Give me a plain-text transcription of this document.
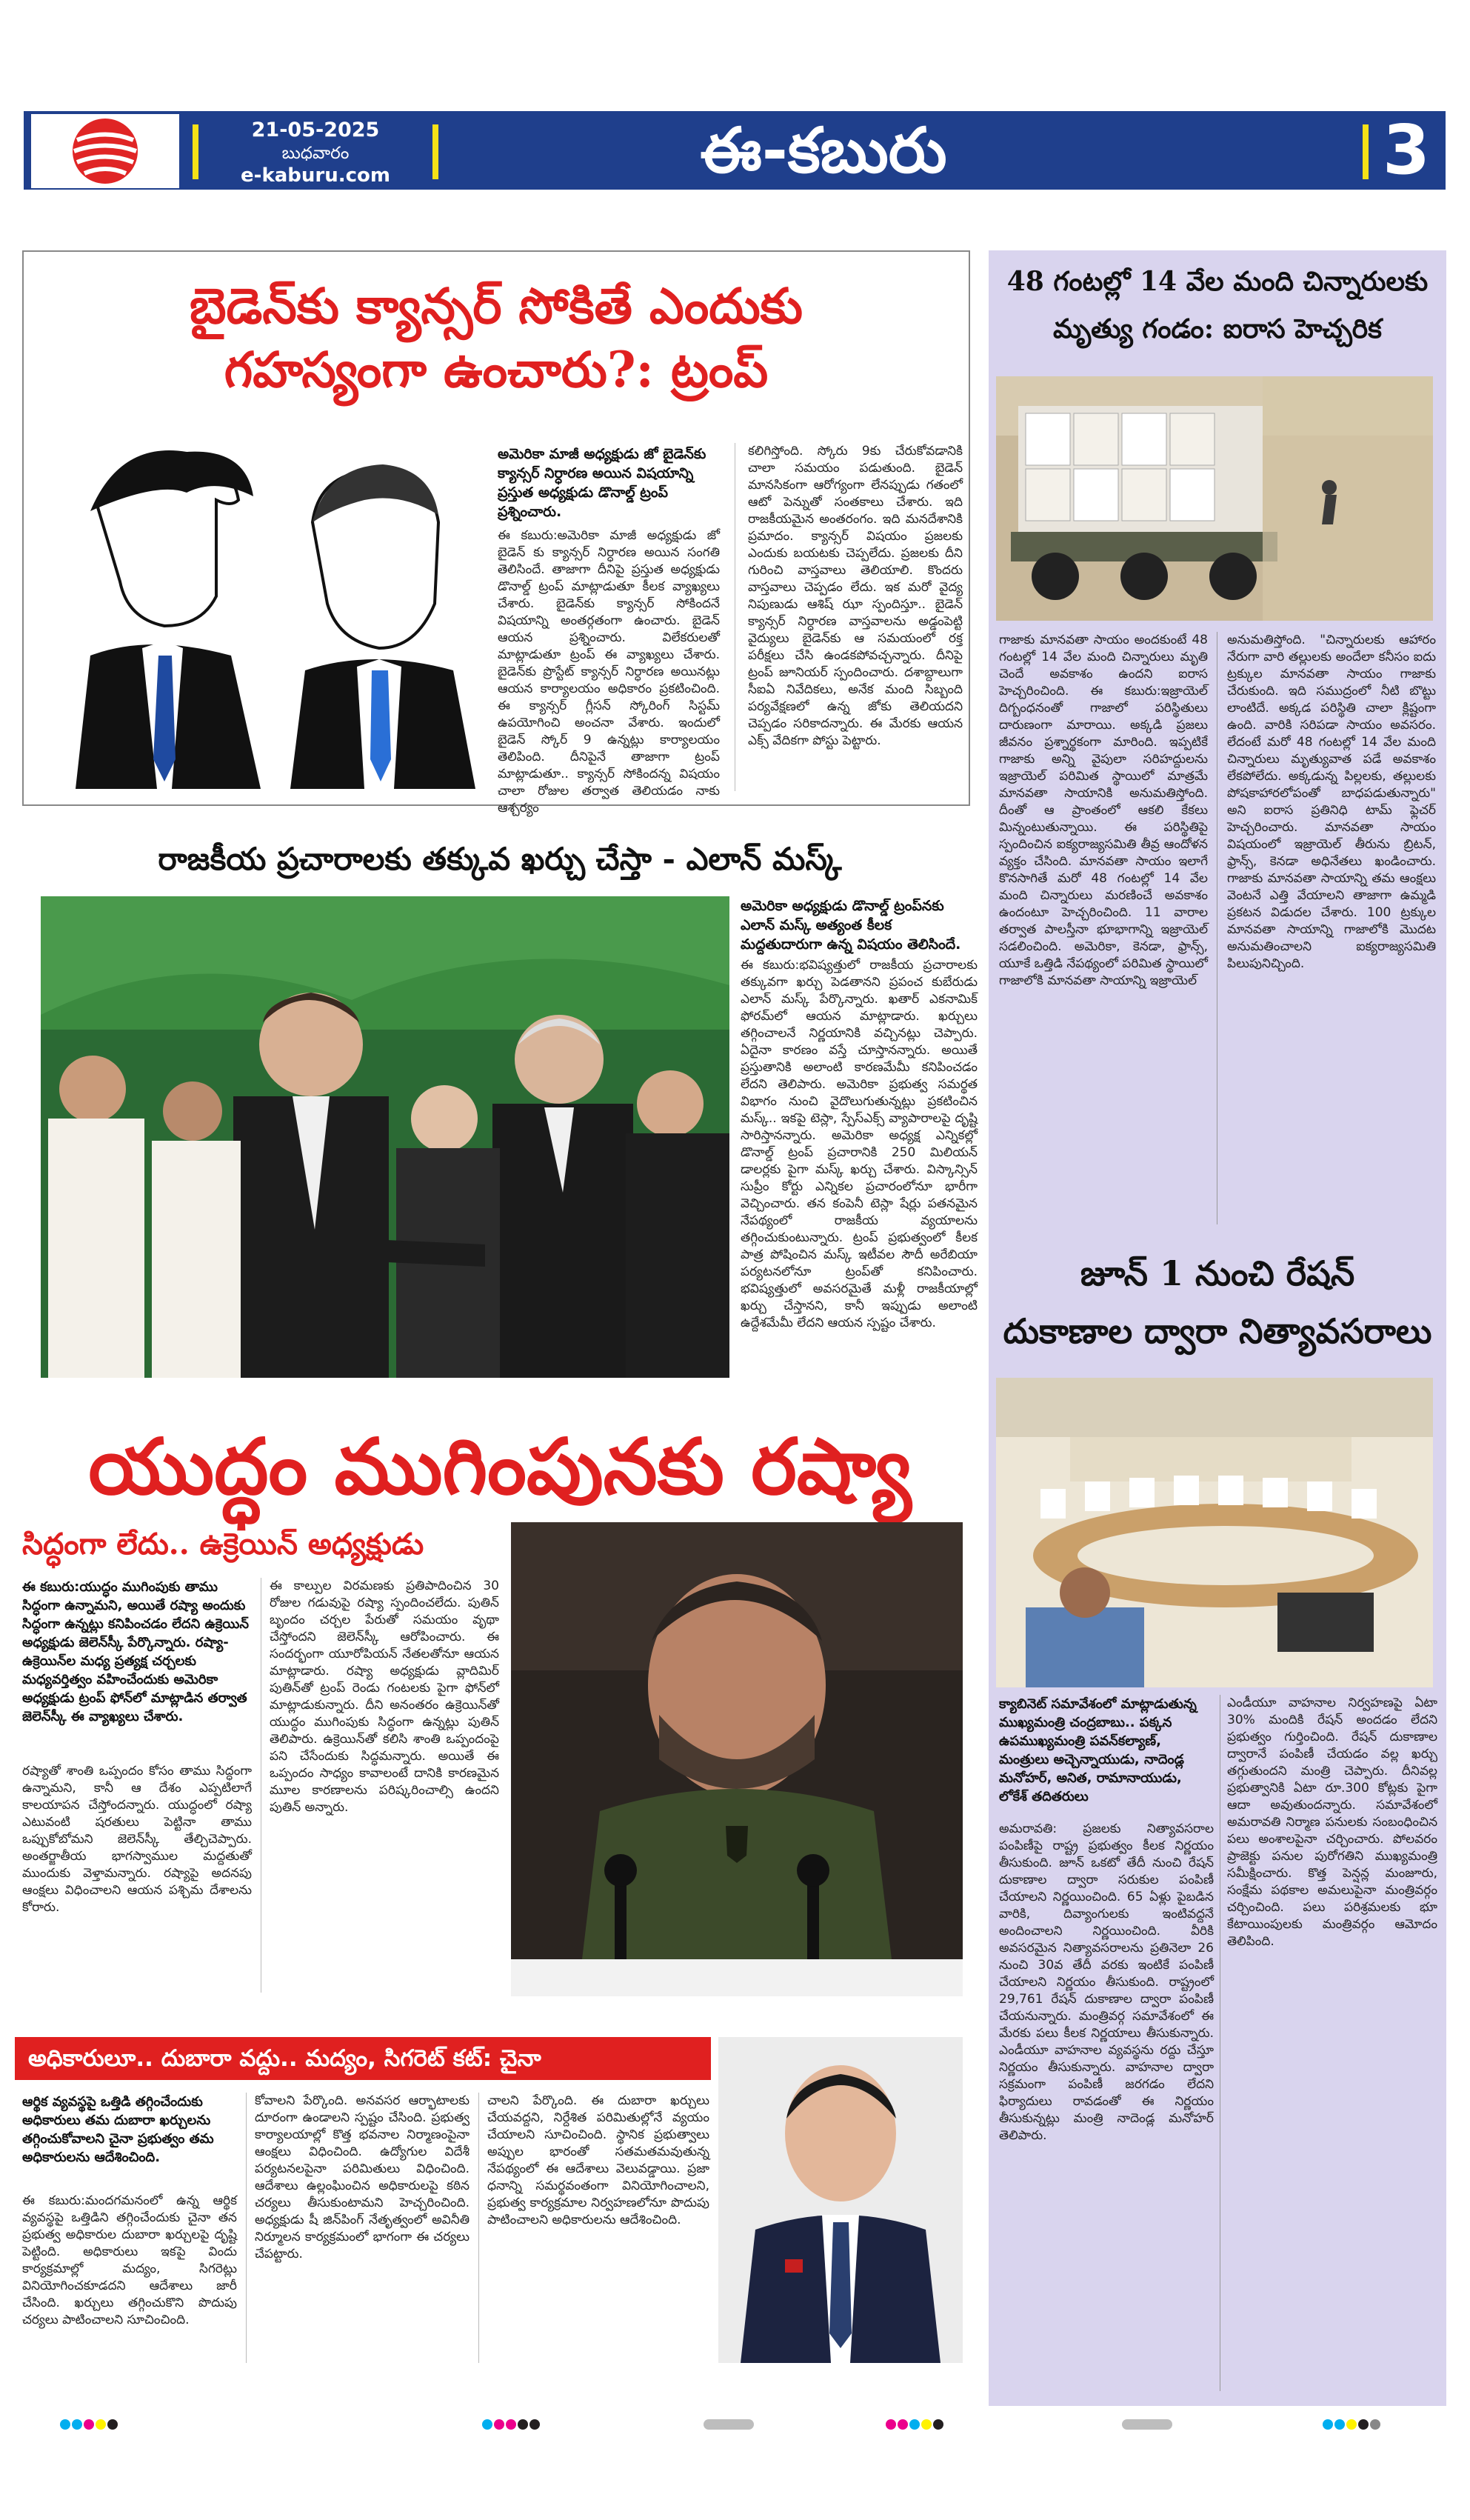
21-05-2025
బుధవారం
e-kaburu.com	ఈ-కబురు	3
బైడెన్‌కు క్యాన్సర్ సోకితే ఎందుకు
గహస్యంగా ఉంచారు?: ట్రంప్
అమెరికా మాజీ అధ్యక్షుడు జో బైడెన్‌కు క్యాన్సర్ నిర్ధారణ అయిన విషయాన్ని ప్రస్తుత అధ్యక్షుడు డొనాల్డ్ ట్రంప్ ప్రశ్నించారు.
ఈ కబురు:అమెరికా మాజీ అధ్యక్షుడు జో బైడెన్ కు క్యాన్సర్ నిర్ధారణ అయిన సంగతి తెలిసిందే. తాజాగా దీనిపై ప్రస్తుత అధ్యక్షుడు డొనాల్డ్ ట్రంప్ మాట్లాడుతూ కీలక వ్యాఖ్యలు చేశారు. బైడెన్‌కు క్యాన్సర్ సోకిందనే విషయాన్ని అంతర్గతంగా ఉంచారు. బైడెన్ ఆయన ప్రశ్నించారు. విలేకరులతో మాట్లాడుతూ ట్రంప్ ఈ వ్యాఖ్యలు చేశారు. బైడెన్‌కు ప్రొస్టేట్ క్యాన్సర్ నిర్ధారణ అయినట్లు ఆయన కార్యాలయం అధికారం ప్రకటించింది. ఈ క్యాన్సర్ గ్లీసన్ స్కోరింగ్ సిస్టమ్ ఉపయోగించి అంచనా వేశారు. ఇందులో బైడెన్ స్కోర్ 9 ఉన్నట్లు కార్యాలయం తెలిపింది. దీనిపైనే తాజాగా ట్రంప్ మాట్లాడుతూ.. క్యాన్సర్ సోకిందన్న విషయం చాలా రోజుల తర్వాత తెలియడం నాకు ఆశ్చర్యం
కలిగిస్తోంది. స్కోరు 9కు చేరుకోవడానికి చాలా సమయం పడుతుంది. బైడెన్ మానసికంగా ఆరోగ్యంగా లేనప్పుడు గతంలో ఆటో పెన్నుతో సంతకాలు చేశారు. ఇది రాజకీయమైన అంతరంగం. ఇది మనదేశానికి ప్రమాదం. క్యాన్సర్ విషయం ప్రజలకు ఎందుకు బయటకు చెప్పలేదు. ప్రజలకు దీని గురించి వాస్తవాలు తెలియాలి. కొందరు వాస్తవాలు చెప్పడం లేదు. ఇక మరో వైద్య నిపుణుడు ఆశిష్ ఝా స్పందిస్తూ.. బైడెన్ క్యాన్సర్ నిర్ధారణ వాస్తవాలను అడ్డంపెట్టి వైద్యులు బైడెన్‌కు ఆ సమయంలో రక్త పరీక్షలు చేసి ఉండకపోవచ్చన్నారు. దీనిపై ట్రంప్ జూనియర్ స్పందించారు. దశాబ్దాలుగా సీఐఏ నివేదికలు, అనేక మంది సిబ్బంది పర్యవేక్షణలో ఉన్న జోకు తెలియదని చెప్పడం సరికాదన్నారు. ఈ మేరకు ఆయన ఎక్స్ వేదికగా పోస్టు పెట్టారు.
48 గంటల్లో 14 వేల మంది చిన్నారులకు
మృత్యు గండం: ఐరాస హెచ్చరిక
గాజాకు మానవతా సాయం అందకుంటే 48 గంటల్లో 14 వేల మంది చిన్నారులు మృతి చెందే అవకాశం ఉందని ఐరాస హెచ్చరించింది. ఈ కబురు:ఇజ్రాయెల్ దిగ్బంధనంతో గాజాలో పరిస్థితులు దారుణంగా మారాయి. అక్కడి ప్రజలు జీవనం ప్రశ్నార్థకంగా మారింది. ఇప్పటికే గాజాకు అన్ని వైపులా సరిహద్దులను ఇజ్రాయెల్ పరిమిత స్థాయిలో మాత్రమే మానవతా సాయానికి అనుమతిస్తోంది. దీంతో ఆ ప్రాంతంలో ఆకలి కేకలు మిన్నంటుతున్నాయి. ఈ పరిస్థితిపై స్పందించిన ఐక్యరాజ్యసమితి తీవ్ర ఆందోళన వ్యక్తం చేసింది. మానవతా సాయం ఇలాగే కొనసాగితే మరో 48 గంటల్లో 14 వేల మంది చిన్నారులు మరణించే అవకాశం ఉందంటూ హెచ్చరించింది. 11 వారాల తర్వాత పాలస్తీనా భూభాగాన్ని ఇజ్రాయెల్ సడలించింది. అమెరికా, కెనడా, ఫ్రాన్స్, యూకే ఒత్తిడి నేపథ్యంలో పరిమిత స్థాయిలో గాజాలోకి మానవతా సాయాన్ని ఇజ్రాయెల్
అనుమతిస్తోంది. "చిన్నారులకు ఆహారం నేరుగా వారి తల్లులకు అందేలా కనీసం ఐదు ట్రక్కుల మానవతా సాయం గాజాకు చేరుకుంది. ఇది సముద్రంలో నీటి బొట్టు లాంటిదే. అక్కడ పరిస్థితి చాలా క్లిష్టంగా ఉంది. వారికి సరిపడా సాయం అవసరం. లేదంటే మరో 48 గంటల్లో 14 వేల మంది చిన్నారులు మృత్యువాత పడే అవకాశం లేకపోలేదు. అక్కడున్న పిల్లలకు, తల్లులకు పోషకాహారలోపంతో బాధపడుతున్నారు" అని ఐరాస ప్రతినిధి టామ్ ఫ్లెచర్ హెచ్చరించారు. మానవతా సాయం విషయంలో ఇజ్రాయెల్ తీరును బ్రిటన్, ఫ్రాన్స్, కెనడా అధినేతలు ఖండించారు. గాజాకు మానవతా సాయాన్ని తమ ఆంక్షలు వెంటనే ఎత్తి వేయాలని తాజాగా ఉమ్మడి ప్రకటన విడుదల చేశారు. 100 ట్రక్కుల మానవతా సాయాన్ని గాజాలోకి మొదట అనుమతించాలని ఐక్యరాజ్యసమితి పిలుపునిచ్చింది.
రాజకీయ ప్రచారాలకు తక్కువ ఖర్చు చేస్తా - ఎలాన్ మస్క్
అమెరికా అధ్యక్షుడు డొనాల్డ్ ట్రంప్‌నకు ఎలాన్ మస్క్ అత్యంత కీలక మద్దతుదారుగా ఉన్న విషయం తెలిసిందే.
ఈ కబురు:భవిష్యత్తులో రాజకీయ ప్రచారాలకు తక్కువగా ఖర్చు పెడతానని ప్రపంచ కుబేరుడు ఎలాన్ మస్క్ పేర్కొన్నారు. ఖతార్ ఎకనామిక్ ఫోరమ్‌లో ఆయన మాట్లాడారు. ఖర్చులు తగ్గించాలనే నిర్ణయానికి వచ్చినట్లు చెప్పారు. ఏదైనా కారణం వస్తే చూస్తానన్నారు. అయితే ప్రస్తుతానికి అలాంటి కారణమేమీ కనిపించడం లేదని తెలిపారు. అమెరికా ప్రభుత్వ సమర్థత విభాగం నుంచి వైదొలుగుతున్నట్లు ప్రకటించిన మస్క్.. ఇకపై టెస్లా, స్పేస్‌ఎక్స్ వ్యాపారాలపై దృష్టి సారిస్తానన్నారు. అమెరికా అధ్యక్ష ఎన్నికల్లో డొనాల్డ్ ట్రంప్ ప్రచారానికి 250 మిలియన్ డాలర్లకు పైగా మస్క్ ఖర్చు చేశారు. విస్కాన్సిన్ సుప్రీం కోర్టు ఎన్నికల ప్రచారంలోనూ భారీగా వెచ్చించారు. తన కంపెనీ టెస్లా షేర్లు పతనమైన నేపథ్యంలో రాజకీయ వ్యయాలను తగ్గించుకుంటున్నారు. ట్రంప్ ప్రభుత్వంలో కీలక పాత్ర పోషించిన మస్క్ ఇటీవల సౌదీ అరేబియా పర్యటనలోనూ ట్రంప్‌తో కనిపించారు. భవిష్యత్తులో అవసరమైతే మళ్లీ రాజకీయాల్లో ఖర్చు చేస్తానని, కానీ ఇప్పుడు అలాంటి ఉద్దేశమేమీ లేదని ఆయన స్పష్టం చేశారు.
జూన్ 1 నుంచి రేషన్
దుకాణాల ద్వారా నిత్యావసరాలు
క్యాబినెట్ సమావేశంలో మాట్లాడుతున్న ముఖ్యమంత్రి చంద్రబాబు.. పక్కన ఉపముఖ్యమంత్రి పవన్‌కల్యాణ్, మంత్రులు అచ్చెన్నాయుడు, నాదెండ్ల మనోహర్, అనిత, రామానాయుడు, లోకేశ్ తదితరులు
అమరావతి: ప్రజలకు నిత్యావసరాల పంపిణీపై రాష్ట్ర ప్రభుత్వం కీలక నిర్ణయం తీసుకుంది. జూన్ ఒకటో తేదీ నుంచి రేషన్ దుకాణాల ద్వారా సరుకుల పంపిణీ చేయాలని నిర్ణయించింది. 65 ఏళ్లు పైబడిన వారికి, దివ్యాంగులకు ఇంటివద్దనే అందించాలని నిర్ణయించింది. వీరికి అవసరమైన నిత్యావసరాలను ప్రతినెలా 26 నుంచి 30వ తేదీ వరకు ఇంటికే పంపిణీ చేయాలని నిర్ణయం తీసుకుంది. రాష్ట్రంలో 29,761 రేషన్ దుకాణాల ద్వారా పంపిణీ చేయనున్నారు. మంత్రివర్గ సమావేశంలో ఈ మేరకు పలు కీలక నిర్ణయాలు తీసుకున్నారు. ఎండీయూ వాహనాల వ్యవస్థను రద్దు చేస్తూ నిర్ణయం తీసుకున్నారు. వాహనాల ద్వారా సక్రమంగా పంపిణీ జరగడం లేదని ఫిర్యాదులు రావడంతో ఈ నిర్ణయం తీసుకున్నట్లు మంత్రి నాదెండ్ల మనోహర్ తెలిపారు.
ఎండీయూ వాహనాల నిర్వహణపై ఏటా 30% మందికి రేషన్ అందడం లేదని ప్రభుత్వం గుర్తించింది. రేషన్ దుకాణాల ద్వారానే పంపిణీ చేయడం వల్ల ఖర్చు తగ్గుతుందని మంత్రి చెప్పారు. దీనివల్ల ప్రభుత్వానికి ఏటా రూ.300 కోట్లకు పైగా ఆదా అవుతుందన్నారు. సమావేశంలో అమరావతి నిర్మాణ పనులకు సంబంధించిన పలు అంశాలపైనా చర్చించారు. పోలవరం ప్రాజెక్టు పనుల పురోగతిని ముఖ్యమంత్రి సమీక్షించారు. కొత్త పెన్షన్ల మంజూరు, సంక్షేమ పథకాల అమలుపైనా మంత్రివర్గం చర్చించింది. పలు పరిశ్రమలకు భూ కేటాయింపులకు మంత్రివర్గం ఆమోదం తెలిపింది.
యుద్ధం ముగింపునకు రష్యా
సిద్ధంగా లేదు.. ఉక్రెయిన్ అధ్యక్షుడు
ఈ కబురు:యుద్ధం ముగింపుకు తాము సిద్ధంగా ఉన్నామని, అయితే రష్యా అందుకు సిద్ధంగా ఉన్నట్లు కనిపించడం లేదని ఉక్రెయిన్ అధ్యక్షుడు జెలెన్‌స్కీ పేర్కొన్నారు. రష్యా- ఉక్రెయిన్‌ల మధ్య ప్రత్యక్ష చర్చలకు మధ్యవర్తిత్వం వహించేందుకు అమెరికా అధ్యక్షుడు ట్రంప్ ఫోన్‌లో మాట్లాడిన తర్వాత జెలెన్‌స్కీ ఈ వ్యాఖ్యలు చేశారు.
రష్యాతో శాంతి ఒప్పందం కోసం తాము సిద్ధంగా ఉన్నామని, కానీ ఆ దేశం ఎప్పటిలాగే కాలయాపన చేస్తోందన్నారు. యుద్ధంలో రష్యా ఎటువంటి షరతులు పెట్టినా తాము ఒప్పుకోబోమని జెలెన్‌స్కీ తేల్చిచెప్పారు. అంతర్జాతీయ భాగస్వాముల మద్దతుతో ముందుకు వెళ్తామన్నారు. రష్యాపై అదనపు ఆంక్షలు విధించాలని ఆయన పశ్చిమ దేశాలను కోరారు.
ఈ కాల్పుల విరమణకు ప్రతిపాదించిన 30 రోజుల గడువుపై రష్యా స్పందించలేదు. పుతిన్ బృందం చర్చల పేరుతో సమయం వృథా చేస్తోందని జెలెన్‌స్కీ ఆరోపించారు. ఈ సందర్భంగా యూరోపియన్ నేతలతోనూ ఆయన మాట్లాడారు. రష్యా అధ్యక్షుడు వ్లాదిమిర్ పుతిన్‌తో ట్రంప్ రెండు గంటలకు పైగా ఫోన్‌లో మాట్లాడుకున్నారు. దీని అనంతరం ఉక్రెయిన్‌తో యుద్ధం ముగింపుకు సిద్ధంగా ఉన్నట్లు పుతిన్ తెలిపారు. ఉక్రెయిన్‌తో కలిసి శాంతి ఒప్పందంపై పని చేసేందుకు సిద్ధమన్నారు. అయితే ఈ ఒప్పందం సాధ్యం కావాలంటే దానికి కారణమైన మూల కారణాలను పరిష్కరించాల్సి ఉందని పుతిన్ అన్నారు.
అధికారులూ.. దుబారా వద్దు.. మద్యం, సిగరెట్ కట్: చైనా
ఆర్థిక వ్యవస్థపై ఒత్తిడి తగ్గించేందుకు అధికారులు తమ దుబారా ఖర్చులను తగ్గించుకోవాలని చైనా ప్రభుత్వం తమ అధికారులను ఆదేశించింది.
ఈ కబురు:మందగమనంలో ఉన్న ఆర్థిక వ్యవస్థపై ఒత్తిడిని తగ్గించేందుకు చైనా తన ప్రభుత్వ అధికారుల దుబారా ఖర్చులపై దృష్టి పెట్టింది. అధికారులు ఇకపై విందు కార్యక్రమాల్లో మద్యం, సిగరెట్లు వినియోగించకూడదని ఆదేశాలు జారీ చేసింది. ఖర్చులు తగ్గించుకొని పొదుపు చర్యలు పాటించాలని సూచించింది.
కోవాలని పేర్కొంది. అనవసర ఆర్భాటాలకు దూరంగా ఉండాలని స్పష్టం చేసింది. ప్రభుత్వ కార్యాలయాల్లో కొత్త భవనాల నిర్మాణంపైనా ఆంక్షలు విధించింది. ఉద్యోగుల విదేశీ పర్యటనలపైనా పరిమితులు విధించింది. ఆదేశాలు ఉల్లంఘించిన అధికారులపై కఠిన చర్యలు తీసుకుంటామని హెచ్చరించింది. అధ్యక్షుడు షీ జిన్‌పింగ్ నేతృత్వంలో అవినీతి నిర్మూలన కార్యక్రమంలో భాగంగా ఈ చర్యలు చేపట్టారు.
చాలని పేర్కొంది. ఈ దుబారా ఖర్చులు చేయవద్దని, నిర్దేశిత పరిమితుల్లోనే వ్యయం చేయాలని సూచించింది. స్థానిక ప్రభుత్వాలు అప్పుల భారంతో సతమతమవుతున్న నేపథ్యంలో ఈ ఆదేశాలు వెలువడ్డాయి. ప్రజా ధనాన్ని సమర్థవంతంగా వినియోగించాలని, ప్రభుత్వ కార్యక్రమాల నిర్వహణలోనూ పొదుపు పాటించాలని అధికారులను ఆదేశించింది.
